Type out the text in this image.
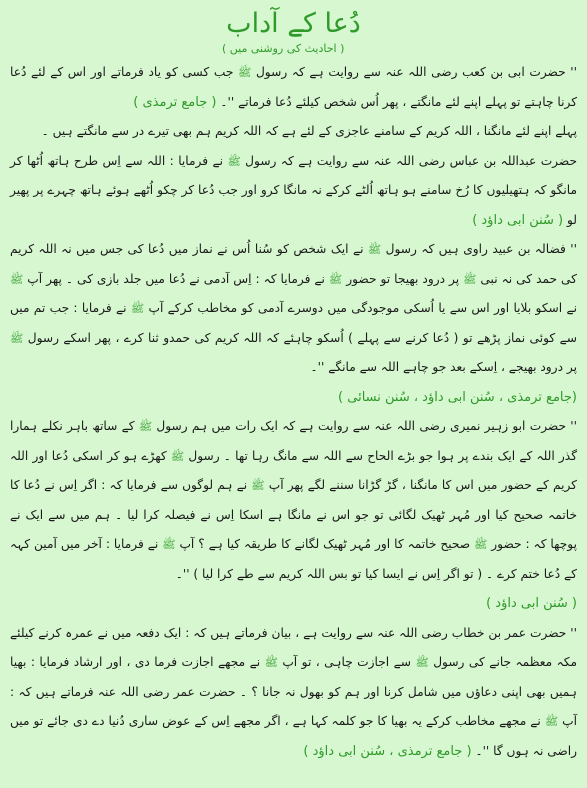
دُعا کے آداب
( احادیث کی روشنی میں )

'' حضرت ابی بن کعب رضی اللہ عنہ سے روایت ہے کہ رسول ﷺ جب کسی کو یاد فرماتے اور اس کے لئے دُعا کرنا چاہتے تو پہلے اپنے لئے مانگتے ، پھر اُس شخص کیلئے دُعا فرماتے ''۔ ( جامع ترمذی )

پہلے اپنے لئے مانگنا ، اللہ کریم کے سامنے عاجزی کے لئے ہے کہ اللہ کریم ہم بھی تیرے در سے مانگتے ہیں ۔

حضرت عبداللہ بن عباس رضی اللہ عنہ سے روایت ہے کہ رسول ﷺ نے فرمایا : اللہ سے اِس طرح ہاتھ اُٹھا کر مانگو کہ ہتھیلیوں کا رُخ سامنے ہو ہاتھ اُلٹے کرکے نہ مانگا کرو اور جب دُعا کر چکو اُٹھے ہوئے ہاتھ چہرے پر پھیر لو ( سُنن ابی داؤد )

'' فضالہ بن عبید راوی ہیں کہ رسول ﷺ نے ایک شخص کو سُنا اُس نے نماز میں دُعا کی جس میں نہ اللہ کریم کی حمد کی نہ نبی ﷺ پر درود بھیجا تو حضور ﷺ نے فرمایا کہ : اِس آدمی نے دُعا میں جلد بازی کی ۔ پھر آپ ﷺ نے اسکو بلایا اور اس سے یا اُسکی موجودگی میں دوسرے آدمی کو مخاطب کرکے آپ ﷺ نے فرمایا : جب تم میں سے کوئی نماز پڑھے تو ( دُعا کرنے سے پہلے ) اُسکو چاہئے کہ اللہ کریم کی حمدو ثنا کرے ، پھر اسکے رسول ﷺ پر درود بھیجے ، اِسکے بعد جو چاہے اللہ سے مانگے ''۔

(جامع ترمذی ، سُنن ابی داؤد ، سُنن نسائی )

'' حضرت ابو زہیر نمیری رضی اللہ عنہ سے روایت ہے کہ ایک رات میں ہم رسول ﷺ کے ساتھ باہر نکلے ہمارا گذر اللہ کے ایک بندے پر ہوا جو بڑے الحاح سے اللہ سے مانگ رہا تھا ۔ رسول ﷺ کھڑے ہو کر اسکی دُعا اور اللہ کریم کے حضور میں اس کا مانگنا ، گڑ گڑانا سننے لگے پھر آپ ﷺ نے ہم لوگوں سے فرمایا کہ : اگر اِس نے دُعا کا خاتمہ صحیح کیا اور مُہر ٹھیک لگائی تو جو اس نے مانگا ہے اسکا اِس نے فیصلہ کرا لیا ۔ ہم میں سے ایک نے پوچھا کہ : حضور ﷺ صحیح خاتمہ کا اور مُہر ٹھیک لگانے کا طریقہ کیا ہے ؟ آپ ﷺ نے فرمایا : آخر میں آمین کہہ کے دُعا ختم کرے ۔ ( تو اگر اِس نے ایسا کیا تو بس اللہ کریم سے طے کرا لیا ) ''۔

( سُنن ابی داؤد )

'' حضرت عمر بن خطاب رضی اللہ عنہ سے روایت ہے ، بیان فرماتے ہیں کہ : ایک دفعہ میں نے عمرہ کرنے کیلئے مکہ معظمہ جانے کی رسول ﷺ سے اجازت چاہی ، تو آپ ﷺ نے مجھے اجازت فرما دی ، اور ارشاد فرمایا : بھیا ہمیں بھی اپنی دعاؤں میں شامل کرنا اور ہم کو بھول نہ جانا ؟ ۔ حضرت عمر رضی اللہ عنہ فرماتے ہیں کہ : آپ ﷺ نے مجھے مخاطب کرکے یہ بھیا کا جو کلمہ کہا ہے ، اگر مجھے اِس کے عوض ساری دُنیا دے دی جائے تو میں راضی نہ ہوں گا ''۔ ( جامع ترمذی ، سُنن ابی داؤد )
